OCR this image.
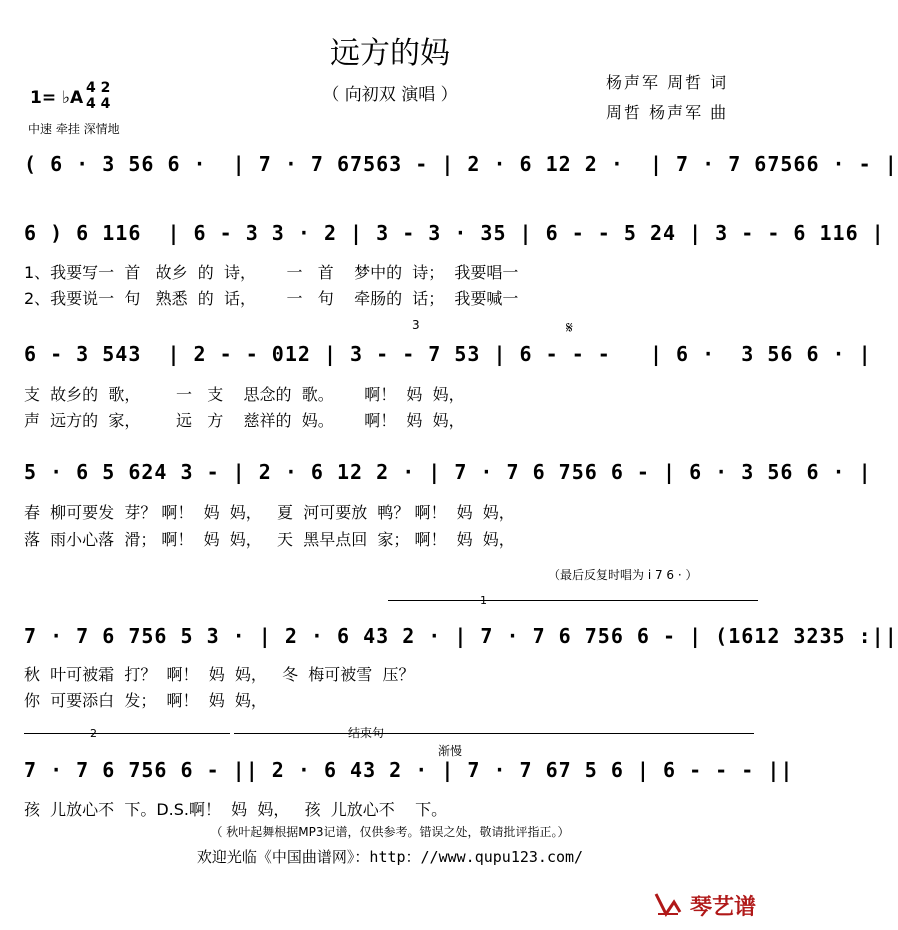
远方的妈
（ 向初双 演唱 ）
杨声军 周哲 词
周哲 杨声军 曲
1= ♭A 4 2
4 4
中速 牵挂 深情地
( 6 · 3 56 6 ·  | 7 · 7 67563 - | 2 · 6 12 2 ·  | 7 · 7 67566 · - |
6 ) 6 116  | 6 - 3 3 · 2 | 3 - 3 · 35 | 6 - - 5 24 | 3 - - 6 116 |
1、我要写一  首   故乡  的  诗，      一   首    梦中的  诗；  我要唱一
2、我要说一  句   熟悉  的  话，      一   句    牵肠的  话；  我要喊一
3	𝄋
6 - 3 543  | 2 - - 012 | 3 - - 7 53 | 6 - - -   | 6 ·  3 56 6 · |
支  故乡的  歌，       一   支    思念的  歌。      啊！  妈  妈，
声  远方的  家，       远   方    慈祥的  妈。      啊！  妈  妈，
5 · 6 5 624 3 - | 2 · 6 12 2 · | 7 · 7 6 756 6 - | 6 · 3 56 6 · |
春  柳可要发  芽？ 啊！  妈  妈，   夏  河可要放  鸭？ 啊！  妈  妈，
落  雨小心落  滑； 啊！  妈  妈，   天  黑早点回  家； 啊！  妈  妈，
（最后反复时唱为 i 7 6 · ）
1
7 · 7 6 756 5 3 · | 2 · 6 43 2 · | 7 · 7 6 756 6 - | (1612 3235 :||
秋  叶可被霜  打？  啊！  妈  妈，   冬  梅可被雪  压？
你  可要添白  发；  啊！  妈  妈，
2	结束句
渐慢
7 · 7 6 756 6 - || 2 · 6 43 2 · | 7 · 7 67 5 6 | 6 - - - ||
孩  儿放心不  下。D.S.啊！  妈  妈，   孩  儿放心不    下。
（ 秋叶起舞根据MP3记谱，仅供参考。错误之处，敬请批评指正。）
欢迎光临《中国曲谱网》：http：//www.qupu123.com/
琴艺谱
